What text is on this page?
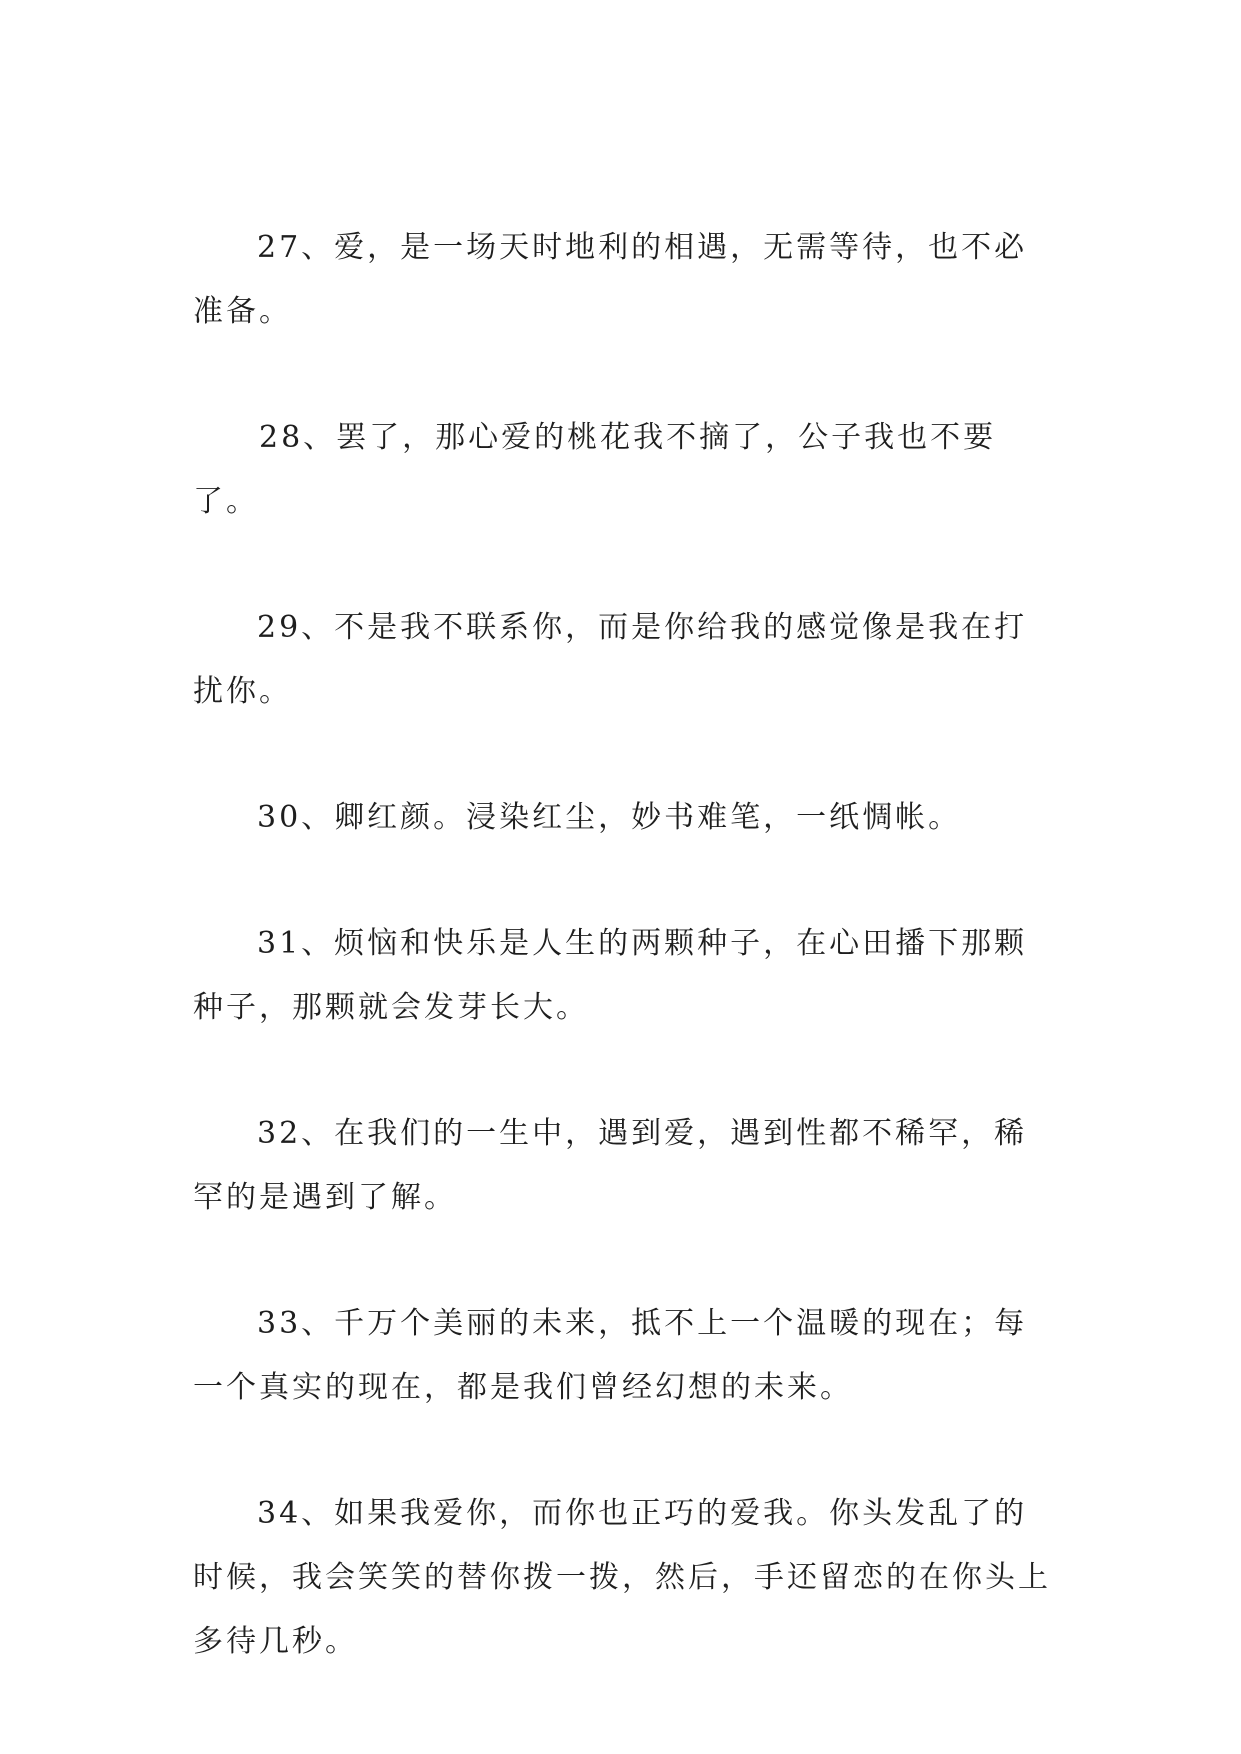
27、爱，是一场天时地利的相遇，无需等待，也不必准备。

28、罢了，那心爱的桃花我不摘了，公子我也不要了。

29、不是我不联系你，而是你给我的感觉像是我在打扰你。

30、卿红颜。浸染红尘，妙书难笔，一纸惆帐。

31、烦恼和快乐是人生的两颗种子，在心田播下那颗种子，那颗就会发芽长大。

32、在我们的一生中，遇到爱，遇到性都不稀罕，稀罕的是遇到了解。

33、千万个美丽的未来，抵不上一个温暖的现在；每一个真实的现在，都是我们曾经幻想的未来。

34、如果我爱你，而你也正巧的爱我。你头发乱了的时候，我会笑笑的替你拨一拨，然后，手还留恋的在你头上多待几秒。
